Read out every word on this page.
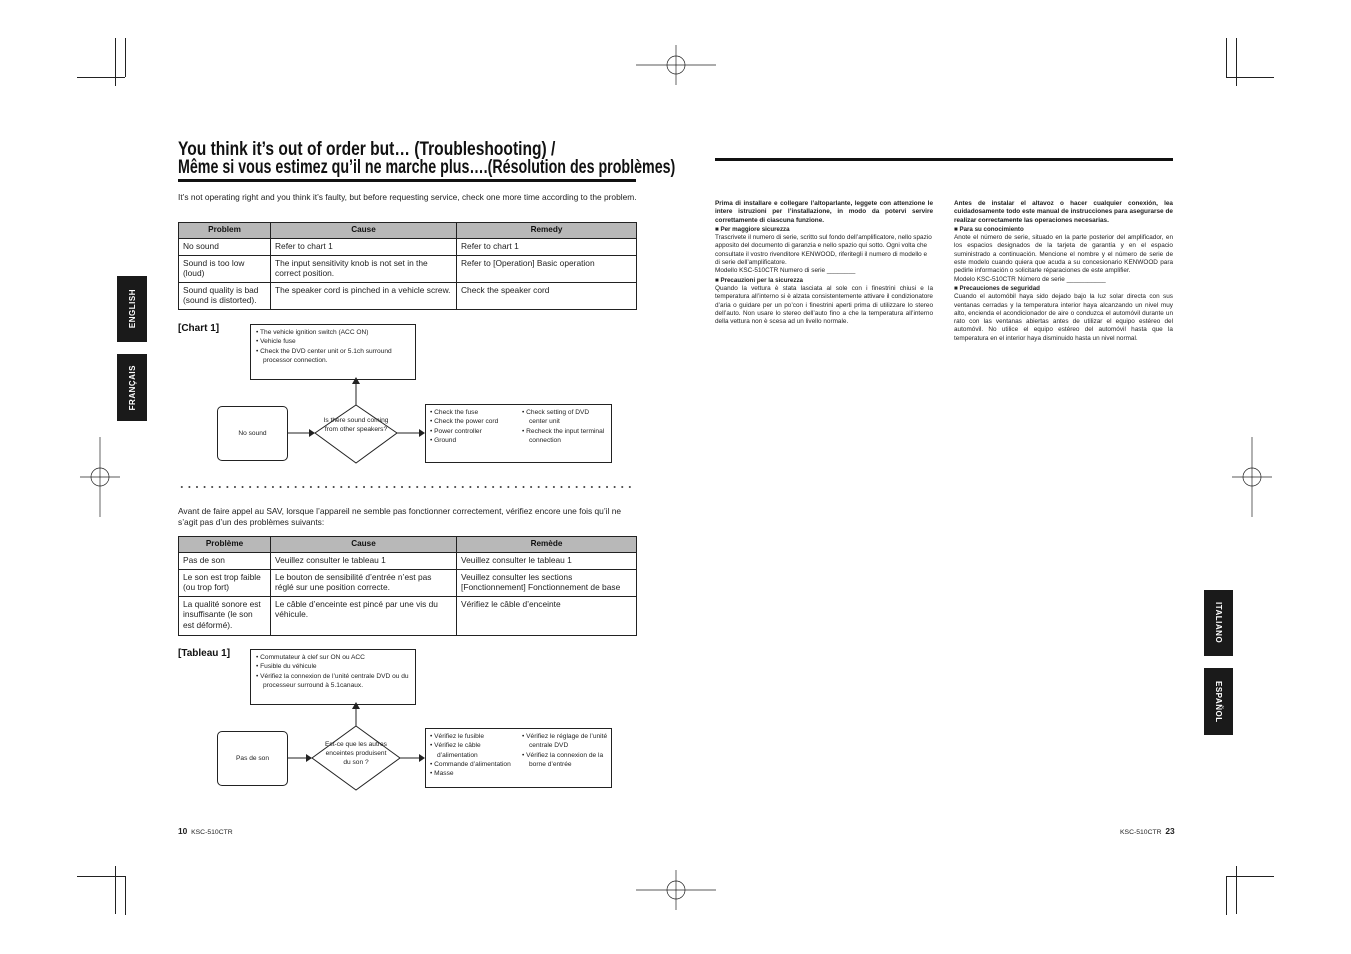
You think it’s out of order but… (Troubleshooting) /
Même si vous estimez qu’il ne marche plus….(Résolution des problèmes)
It’s not operating right and you think it’s faulty, but before requesting service, check one more time according to the problem.
Problem	Cause	Remedy
No sound	Refer to chart 1	Refer to chart 1
Sound is too low (loud)	The input sensitivity knob is not set in the correct position.	Refer to [Operation] Basic operation
Sound quality is bad (sound is distorted).	The speaker cord is pinched in a vehicle screw.	Check the speaker cord
[Chart 1]	• The vehicle ignition switch (ACC ON)
• Vehicle fuse
• Check the DVD center unit or 5.1ch surround processor connection.
No sound
Is there sound coming from other speakers?
• Check the fuse
• Check the power cord
• Power controller
• Ground
• Check setting of DVD center unit
• Recheck the input terminal connection
Avant de faire appel au SAV, lorsque l’appareil ne semble pas fonctionner correctement, vérifiez encore une fois qu’il ne s’agit pas d’un des problèmes suivants:
Problème	Cause	Remède
Pas de son	Veuillez consulter le tableau 1	Veuillez consulter le tableau 1
Le son est trop faible (ou trop fort)	Le bouton de sensibilité d’entrée n’est pas réglé sur une position correcte.	Veuillez consulter les sections [Fonctionnement] Fonctionnement de base
La qualité sonore est insuffisante (le son est déformé).	Le câble d’enceinte est pincé par une vis du véhicule.	Vérifiez le câble d’enceinte
[Tableau 1]	• Commutateur à clef sur ON ou ACC
• Fusible du véhicule
• Vérifiez la connexion de l’unité centrale DVD ou du processeur surround à 5.1canaux.
Pas de son
Est-ce que les autres enceintes produisent du son ?
• Vérifiez le fusible
• Vérifiez le câble d’alimentation
• Commande d’alimentation
• Masse
• Vérifiez le réglage de l’unité centrale DVD
• Vérifiez la connexion de la borne d’entrée
ENGLISH
FRANÇAIS
10 KSC-510CTR

Prima di installare e collegare l’altoparlante, leggete con attenzione le intere istruzioni per l’installazione, in modo da potervi servire correttamente di ciascuna funzione.

■ Per maggiore sicurezza

Trascrivete il numero di serie, scritto sul fondo dell’amplificatore, nello spazio apposito del documento di garanzia e nello spazio qui sotto. Ogni volta che consultate il vostro rivenditore KENWOOD, riferitegli il numero di modello e di serie dell’amplificatore.

Modello KSC-510CTR Numero di serie ________

■ Precauzioni per la sicurezza

Quando la vettura è stata lasciata al sole con i finestrini chiusi e la temperatura all’interno si è alzata consistentemente attivare il condizionatore d’aria o guidare per un po’con i finestrini aperti prima di utilizzare lo stereo dell’auto. Non usare lo stereo dell’auto fino a che la temperatura all’interno della vettura non è scesa ad un livello normale.

Antes de instalar el altavoz o hacer cualquier conexión, lea cuidadosamente todo este manual de instrucciones para asegurarse de realizar correctamente las operaciones necesarias.

■ Para su conocimiento

Anote el número de serie, situado en la parte posterior del amplificador, en los espacios designados de la tarjeta de garantía y en el espacio suministrado a continuación. Mencione el nombre y el número de serie de este modelo cuando quiera que acuda a su concesionario KENWOOD para pedirle información o solicitarle réparaciones de este amplifier.

Modelo KSC-510CTR Número de serie ___________

■ Precauciones de seguridad

Cuando el automóbil haya sido dejado bajo la luz solar directa con sus ventanas cerradas y la temperatura interior haya alcanzando un nivel muy alto, encienda el acondicionador de aire o conduzca el automóvil durante un rato con las ventanas abiertas antes de utilizar el equipo estéreo del automóvil. No utilice el equipo estéreo del automóvil hasta que la temperatura en el interior haya disminuido hasta un nivel normal.

ITALIANO
ESPAÑOL
KSC-510CTR 23
